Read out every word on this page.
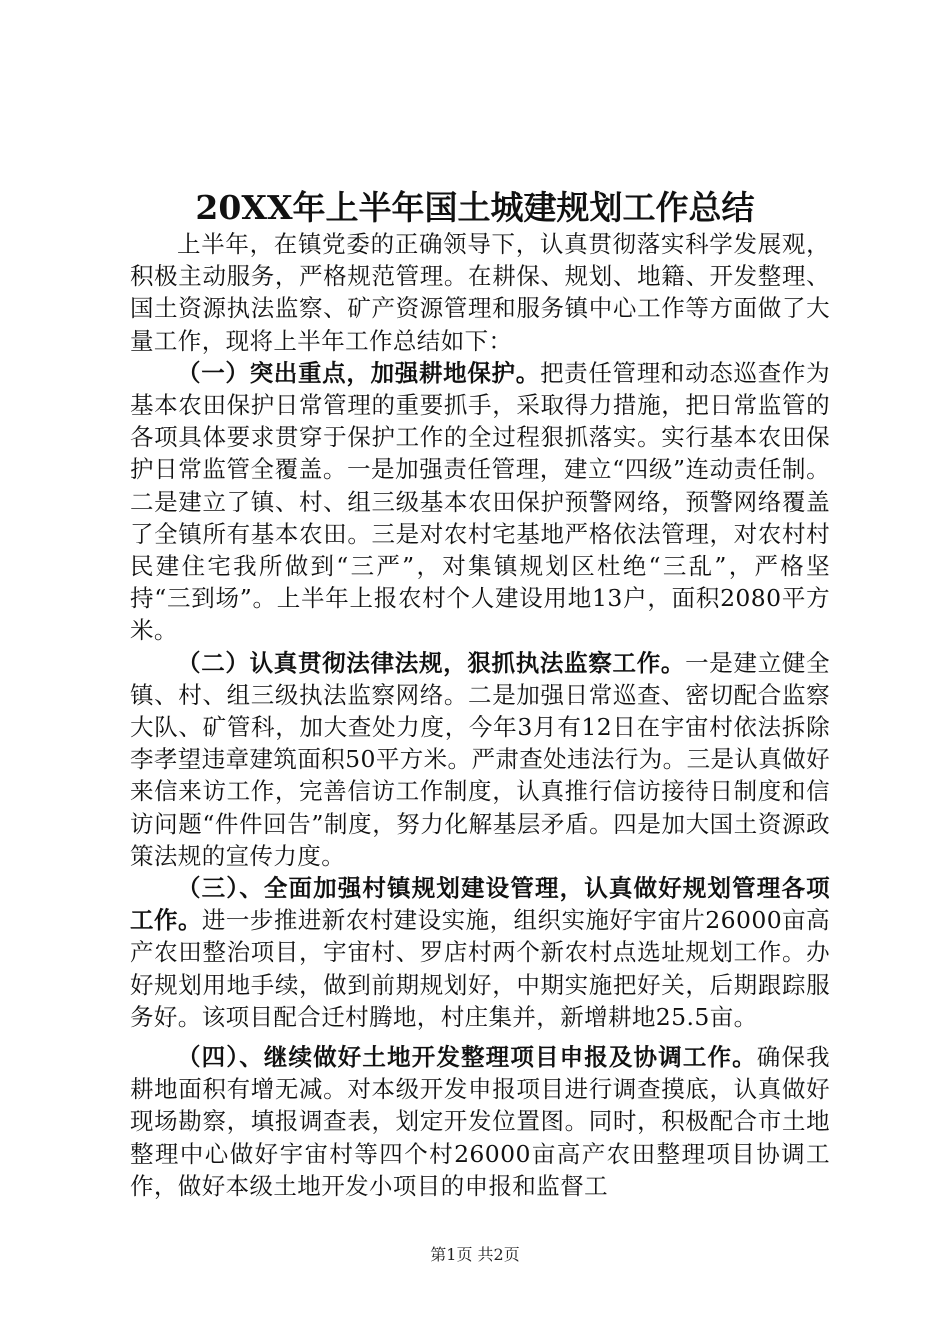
20XX年上半年国土城建规划工作总结

上半年，在镇党委的正确领导下，认真贯彻落实科学发展观，积极主动服务，严格规范管理。在耕保、规划、地籍、开发整理、国土资源执法监察、矿产资源管理和服务镇中心工作等方面做了大量工作，现将上半年工作总结如下：

（一）突出重点，加强耕地保护。把责任管理和动态巡查作为基本农田保护日常管理的重要抓手，采取得力措施，把日常监管的各项具体要求贯穿于保护工作的全过程狠抓落实。实行基本农田保护日常监管全覆盖。一是加强责任管理，建立“四级”连动责任制。二是建立了镇、村、组三级基本农田保护预警网络，预警网络覆盖了全镇所有基本农田。三是对农村宅基地严格依法管理，对农村村民建住宅我所做到“三严”，对集镇规划区杜绝“三乱”，严格坚持“三到场”。上半年上报农村个人建设用地13户，面积2080平方米。

（二）认真贯彻法律法规，狠抓执法监察工作。一是建立健全镇、村、组三级执法监察网络。二是加强日常巡查、密切配合监察大队、矿管科，加大查处力度，今年3月有12日在宇宙村依法拆除李孝望违章建筑面积50平方米。严肃查处违法行为。三是认真做好来信来访工作，完善信访工作制度，认真推行信访接待日制度和信访问题“件件回告”制度，努力化解基层矛盾。四是加大国土资源政策法规的宣传力度。

（三）、全面加强村镇规划建设管理，认真做好规划管理各项工作。进一步推进新农村建设实施，组织实施好宇宙片26000亩高产农田整治项目，宇宙村、罗店村两个新农村点选址规划工作。办好规划用地手续，做到前期规划好，中期实施把好关，后期跟踪服务好。该项目配合迁村腾地，村庄集并，新增耕地25.5亩。

（四）、继续做好土地开发整理项目申报及协调工作。确保我耕地面积有增无减。对本级开发申报项目进行调查摸底，认真做好现场勘察，填报调查表，划定开发位置图。同时，积极配合市土地整理中心做好宇宙村等四个村26000亩高产农田整理项目协调工作，做好本级土地开发小项目的申报和监督工

第1页 共2页
